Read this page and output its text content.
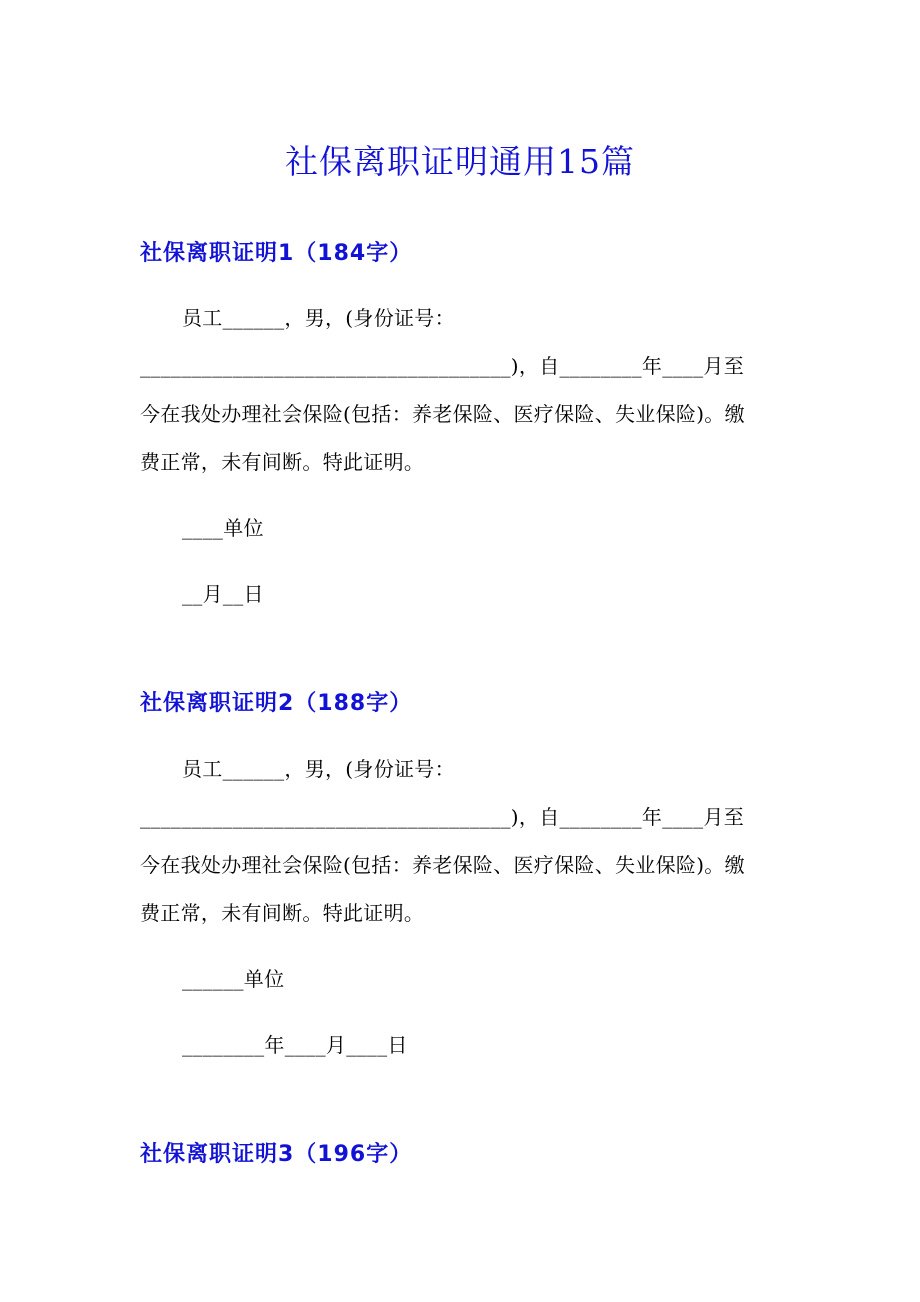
社保离职证明通用15篇
社保离职证明1（184字）
员工______，男，(身份证号：
____________________________________)，自________年____月至
今在我处办理社会保险(包括：养老保险、医疗保险、失业保险)。缴
费正常，未有间断。特此证明。
____单位
__月__日
社保离职证明2（188字）
员工______，男，(身份证号：
____________________________________)，自________年____月至
今在我处办理社会保险(包括：养老保险、医疗保险、失业保险)。缴
费正常，未有间断。特此证明。
______单位
________年____月____日
社保离职证明3（196字）
